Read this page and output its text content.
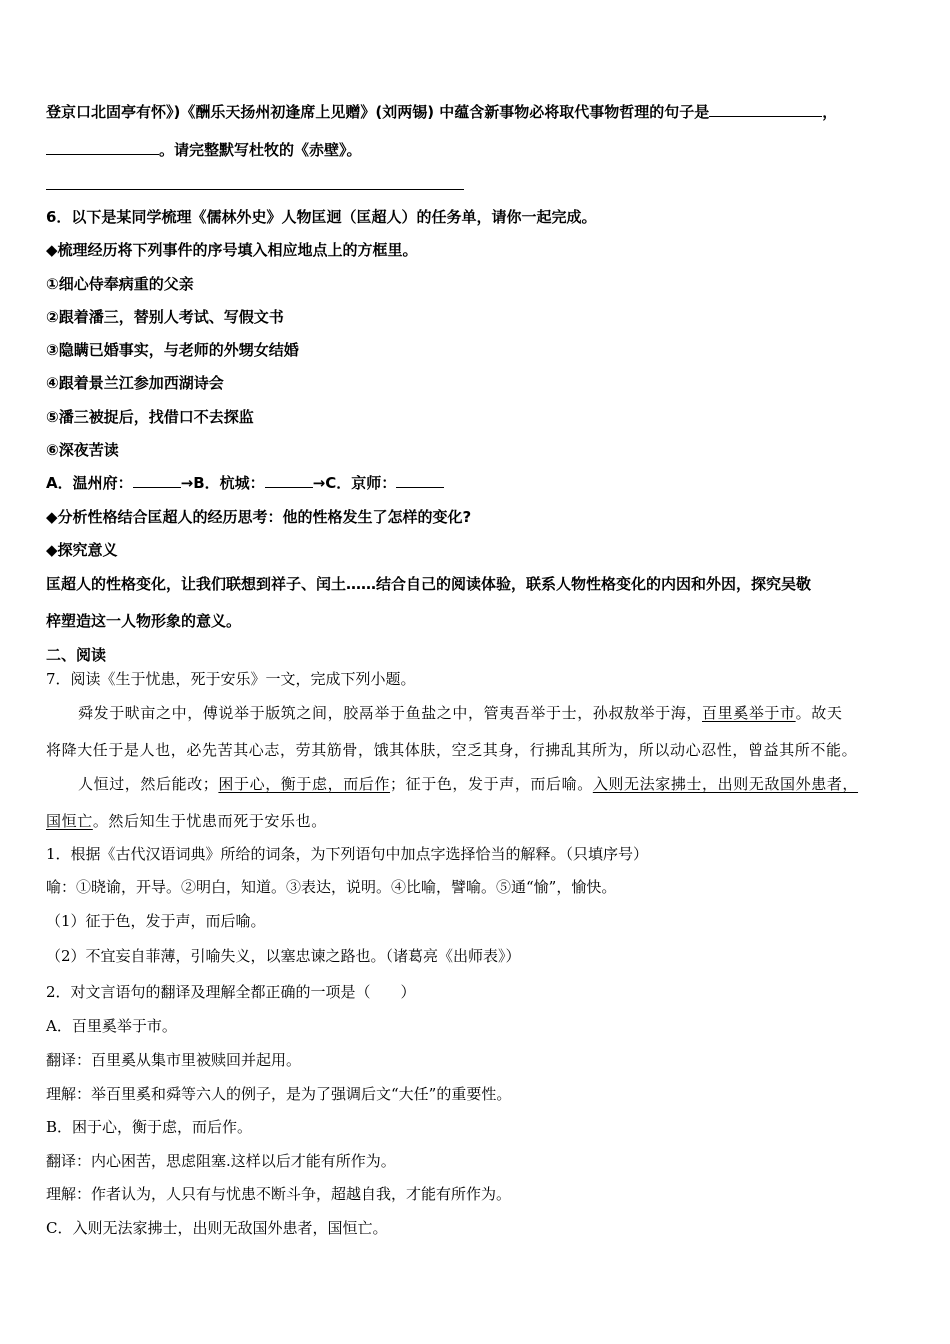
登京口北固亭有怀》)《酬乐天扬州初逢席上见赠》(刘两锡) 中蕴含新事物必将取代事物哲理的句子是	，
。请完整默写杜牧的《赤壁》。
6．以下是某同学梳理《儒林外史》人物匡迥（匡超人）的任务单，请你一起完成。
◆梳理经历将下列事件的序号填入相应地点上的方框里。
①细心侍奉病重的父亲
②跟着潘三，替别人考试、写假文书
③隐瞒已婚事实，与老师的外甥女结婚
④跟着景兰江参加西湖诗会
⑤潘三被捉后，找借口不去探监
⑥深夜苦读
A．温州府：	→B．杭城：	→C．京师：
◆分析性格结合匡超人的经历思考：他的性格发生了怎样的变化?
◆探究意义
匡超人的性格变化，让我们联想到祥子、闰土……结合自己的阅读体验，联系人物性格变化的内因和外因，探究吴敬
梓塑造这一人物形象的意义。
二、阅读
7．阅读《生于忧患，死于安乐》一文，完成下列小题。
舜发于畎亩之中，傅说举于版筑之间，胶鬲举于鱼盐之中，管夷吾举于士，孙叔敖举于海，百里奚举于市。故天
将降大任于是人也，必先苦其心志，劳其筋骨，饿其体肤，空乏其身，行拂乱其所为，所以动心忍性，曾益其所不能。
人恒过，然后能改；困于心，衡于虑，而后作；征于色，发于声，而后喻。入则无法家拂士，出则无敌国外患者，
国恒亡。然后知生于忧患而死于安乐也。
1．根据《古代汉语词典》所给的词条，为下列语句中加点字选择恰当的解释。（只填序号）
喻：①晓谕，开导。②明白，知道。③表达，说明。④比喻，譬喻。⑤通“愉”，愉快。
（1）征于色，发于声，而后喻。
（2）不宜妄自菲薄，引喻失义，以塞忠谏之路也。（诸葛亮《出师表》）
2．对文言语句的翻译及理解全都正确的一项是（　　）
A．百里奚举于市。
翻译：百里奚从集市里被赎回并起用。
理解：举百里奚和舜等六人的例子，是为了强调后文“大任”的重要性。
B．困于心，衡于虑，而后作。
翻译：内心困苦，思虑阻塞.这样以后才能有所作为。
理解：作者认为，人只有与忧患不断斗争，超越自我，才能有所作为。
C．入则无法家拂士，出则无敌国外患者，国恒亡。
